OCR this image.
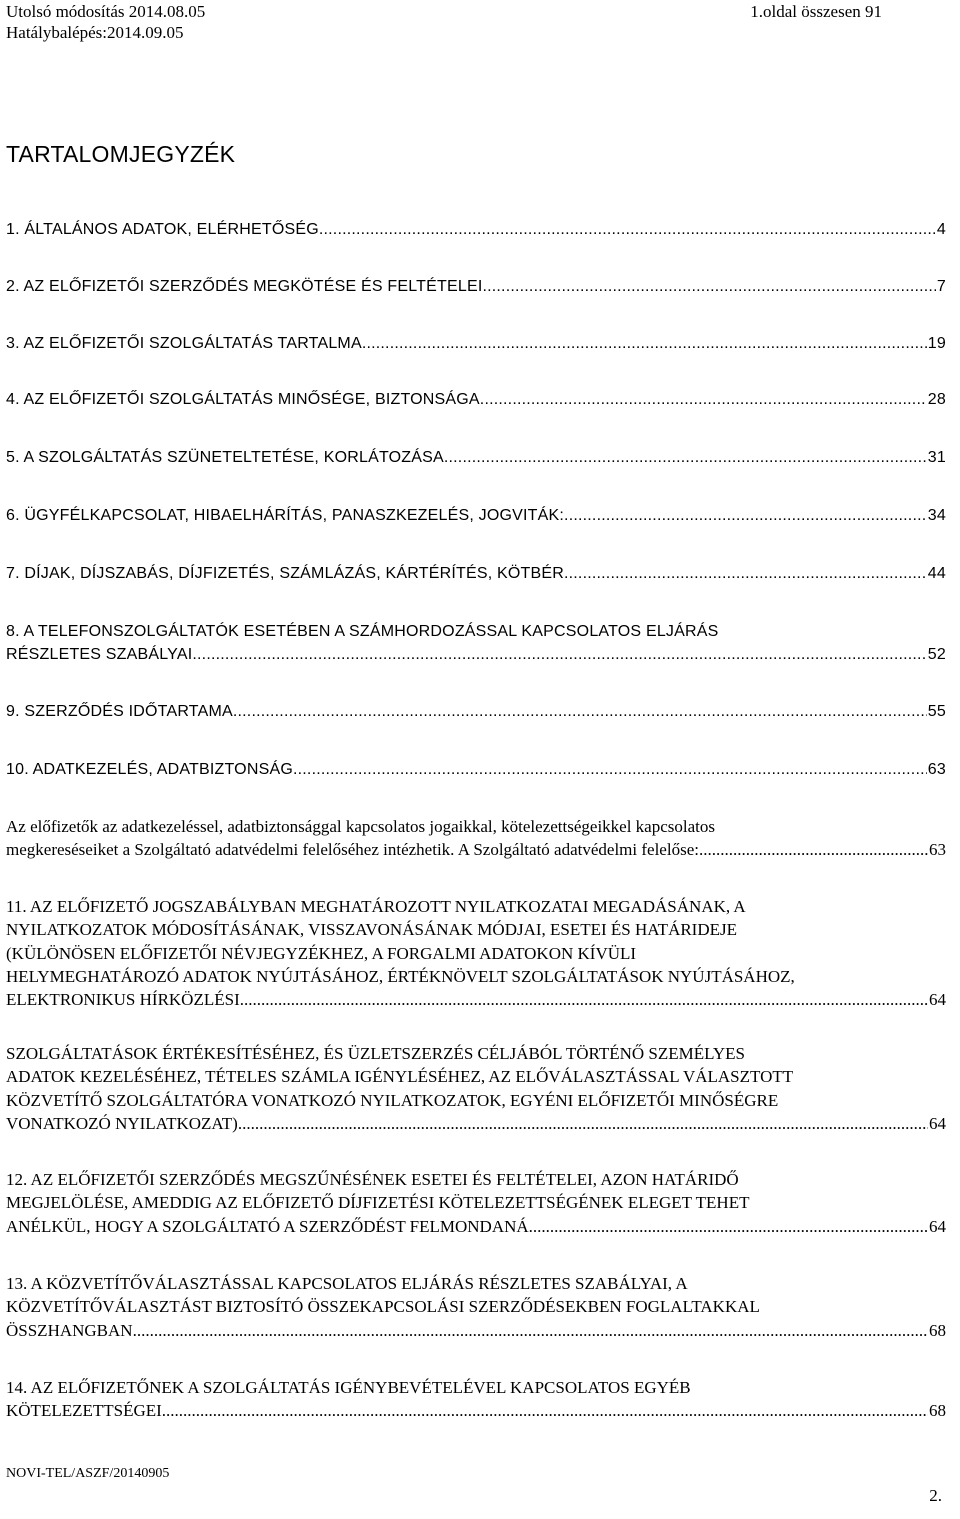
Utolsó módosítás 2014.08.05
Hatálybalépés:2014.09.05
1.oldal összesen 91
TARTALOMJEGYZÉK
1. ÁLTALÁNOS ADATOK, ELÉRHETŐSÉG .....	4
2. AZ ELŐFIZETŐI SZERZŐDÉS MEGKÖTÉSE ÉS FELTÉTELEI .....	7
3. AZ ELŐFIZETŐI SZOLGÁLTATÁS TARTALMA .....	19
4. AZ ELŐFIZETŐI SZOLGÁLTATÁS MINŐSÉGE, BIZTONSÁGA .....	28
5. A SZOLGÁLTATÁS SZÜNETELTETÉSE, KORLÁTOZÁSA .....	31
6. ÜGYFÉLKAPCSOLAT, HIBAELHÁRÍTÁS, PANASZKEZELÉS, JOGVITÁK: .....	34
7. DÍJAK, DÍJSZABÁS, DÍJFIZETÉS, SZÁMLÁZÁS, KÁRTÉRÍTÉS, KÖTBÉR .....	44
8. A TELEFONSZOLGÁLTATÓK ESETÉBEN A SZÁMHORDOZÁSSAL KAPCSOLATOS ELJÁRÁS
RÉSZLETES SZABÁLYAI .....	52
9. SZERZŐDÉS IDŐTARTAMA .....	55
10. ADATKEZELÉS, ADATBIZTONSÁG .....	63
Az előfizetők az adatkezeléssel, adatbiztonsággal kapcsolatos jogaikkal, kötelezettségeikkel kapcsolatos
megkereséseiket a Szolgáltató adatvédelmi felelőséhez intézhetik. A Szolgáltató adatvédelmi felelőse: .....	63
11. AZ ELŐFIZETŐ JOGSZABÁLYBAN MEGHATÁROZOTT NYILATKOZATAI MEGADÁSÁNAK, A
NYILATKOZATOK MÓDOSÍTÁSÁNAK, VISSZAVONÁSÁNAK MÓDJAI, ESETEI ÉS HATÁRIDEJE
(KÜLÖNÖSEN ELŐFIZETŐI NÉVJEGYZÉKHEZ, A FORGALMI ADATOKON KÍVÜLI
HELYMEGHATÁROZÓ ADATOK NYÚJTÁSÁHOZ, ÉRTÉKNÖVELT SZOLGÁLTATÁSOK NYÚJTÁSÁHOZ,
ELEKTRONIKUS HÍRKÖZLÉSI .....	64
SZOLGÁLTATÁSOK ÉRTÉKESÍTÉSÉHEZ, ÉS ÜZLETSZERZÉS CÉLJÁBÓL TÖRTÉNŐ SZEMÉLYES
ADATOK KEZELÉSÉHEZ, TÉTELES SZÁMLA IGÉNYLÉSÉHEZ, AZ ELŐVÁLASZTÁSSAL VÁLASZTOTT
KÖZVETÍTŐ SZOLGÁLTATÓRA VONATKOZÓ NYILATKOZATOK, EGYÉNI ELŐFIZETŐI MINŐSÉGRE
VONATKOZÓ NYILATKOZAT) .....	64
12. AZ ELŐFIZETŐI SZERZŐDÉS MEGSZŰNÉSÉNEK ESETEI ÉS FELTÉTELEI, AZON HATÁRIDŐ
MEGJELÖLÉSE, AMEDDIG AZ ELŐFIZETŐ DÍJFIZETÉSI KÖTELEZETTSÉGÉNEK ELEGET TEHET
ANÉLKÜL, HOGY A SZOLGÁLTATÓ A SZERZŐDÉST FELMONDANÁ .....	64
13. A KÖZVETÍTŐVÁLASZTÁSSAL KAPCSOLATOS ELJÁRÁS RÉSZLETES SZABÁLYAI, A
KÖZVETÍTŐVÁLASZTÁST BIZTOSÍTÓ ÖSSZEKAPCSOLÁSI SZERZŐDÉSEKBEN FOGLALTAKKAL
ÖSSZHANGBAN .....	68
14. AZ ELŐFIZETŐNEK A SZOLGÁLTATÁS IGÉNYBEVÉTELÉVEL KAPCSOLATOS EGYÉB
KÖTELEZETTSÉGEI .....	68
NOVI-TEL/ASZF/20140905
2.
